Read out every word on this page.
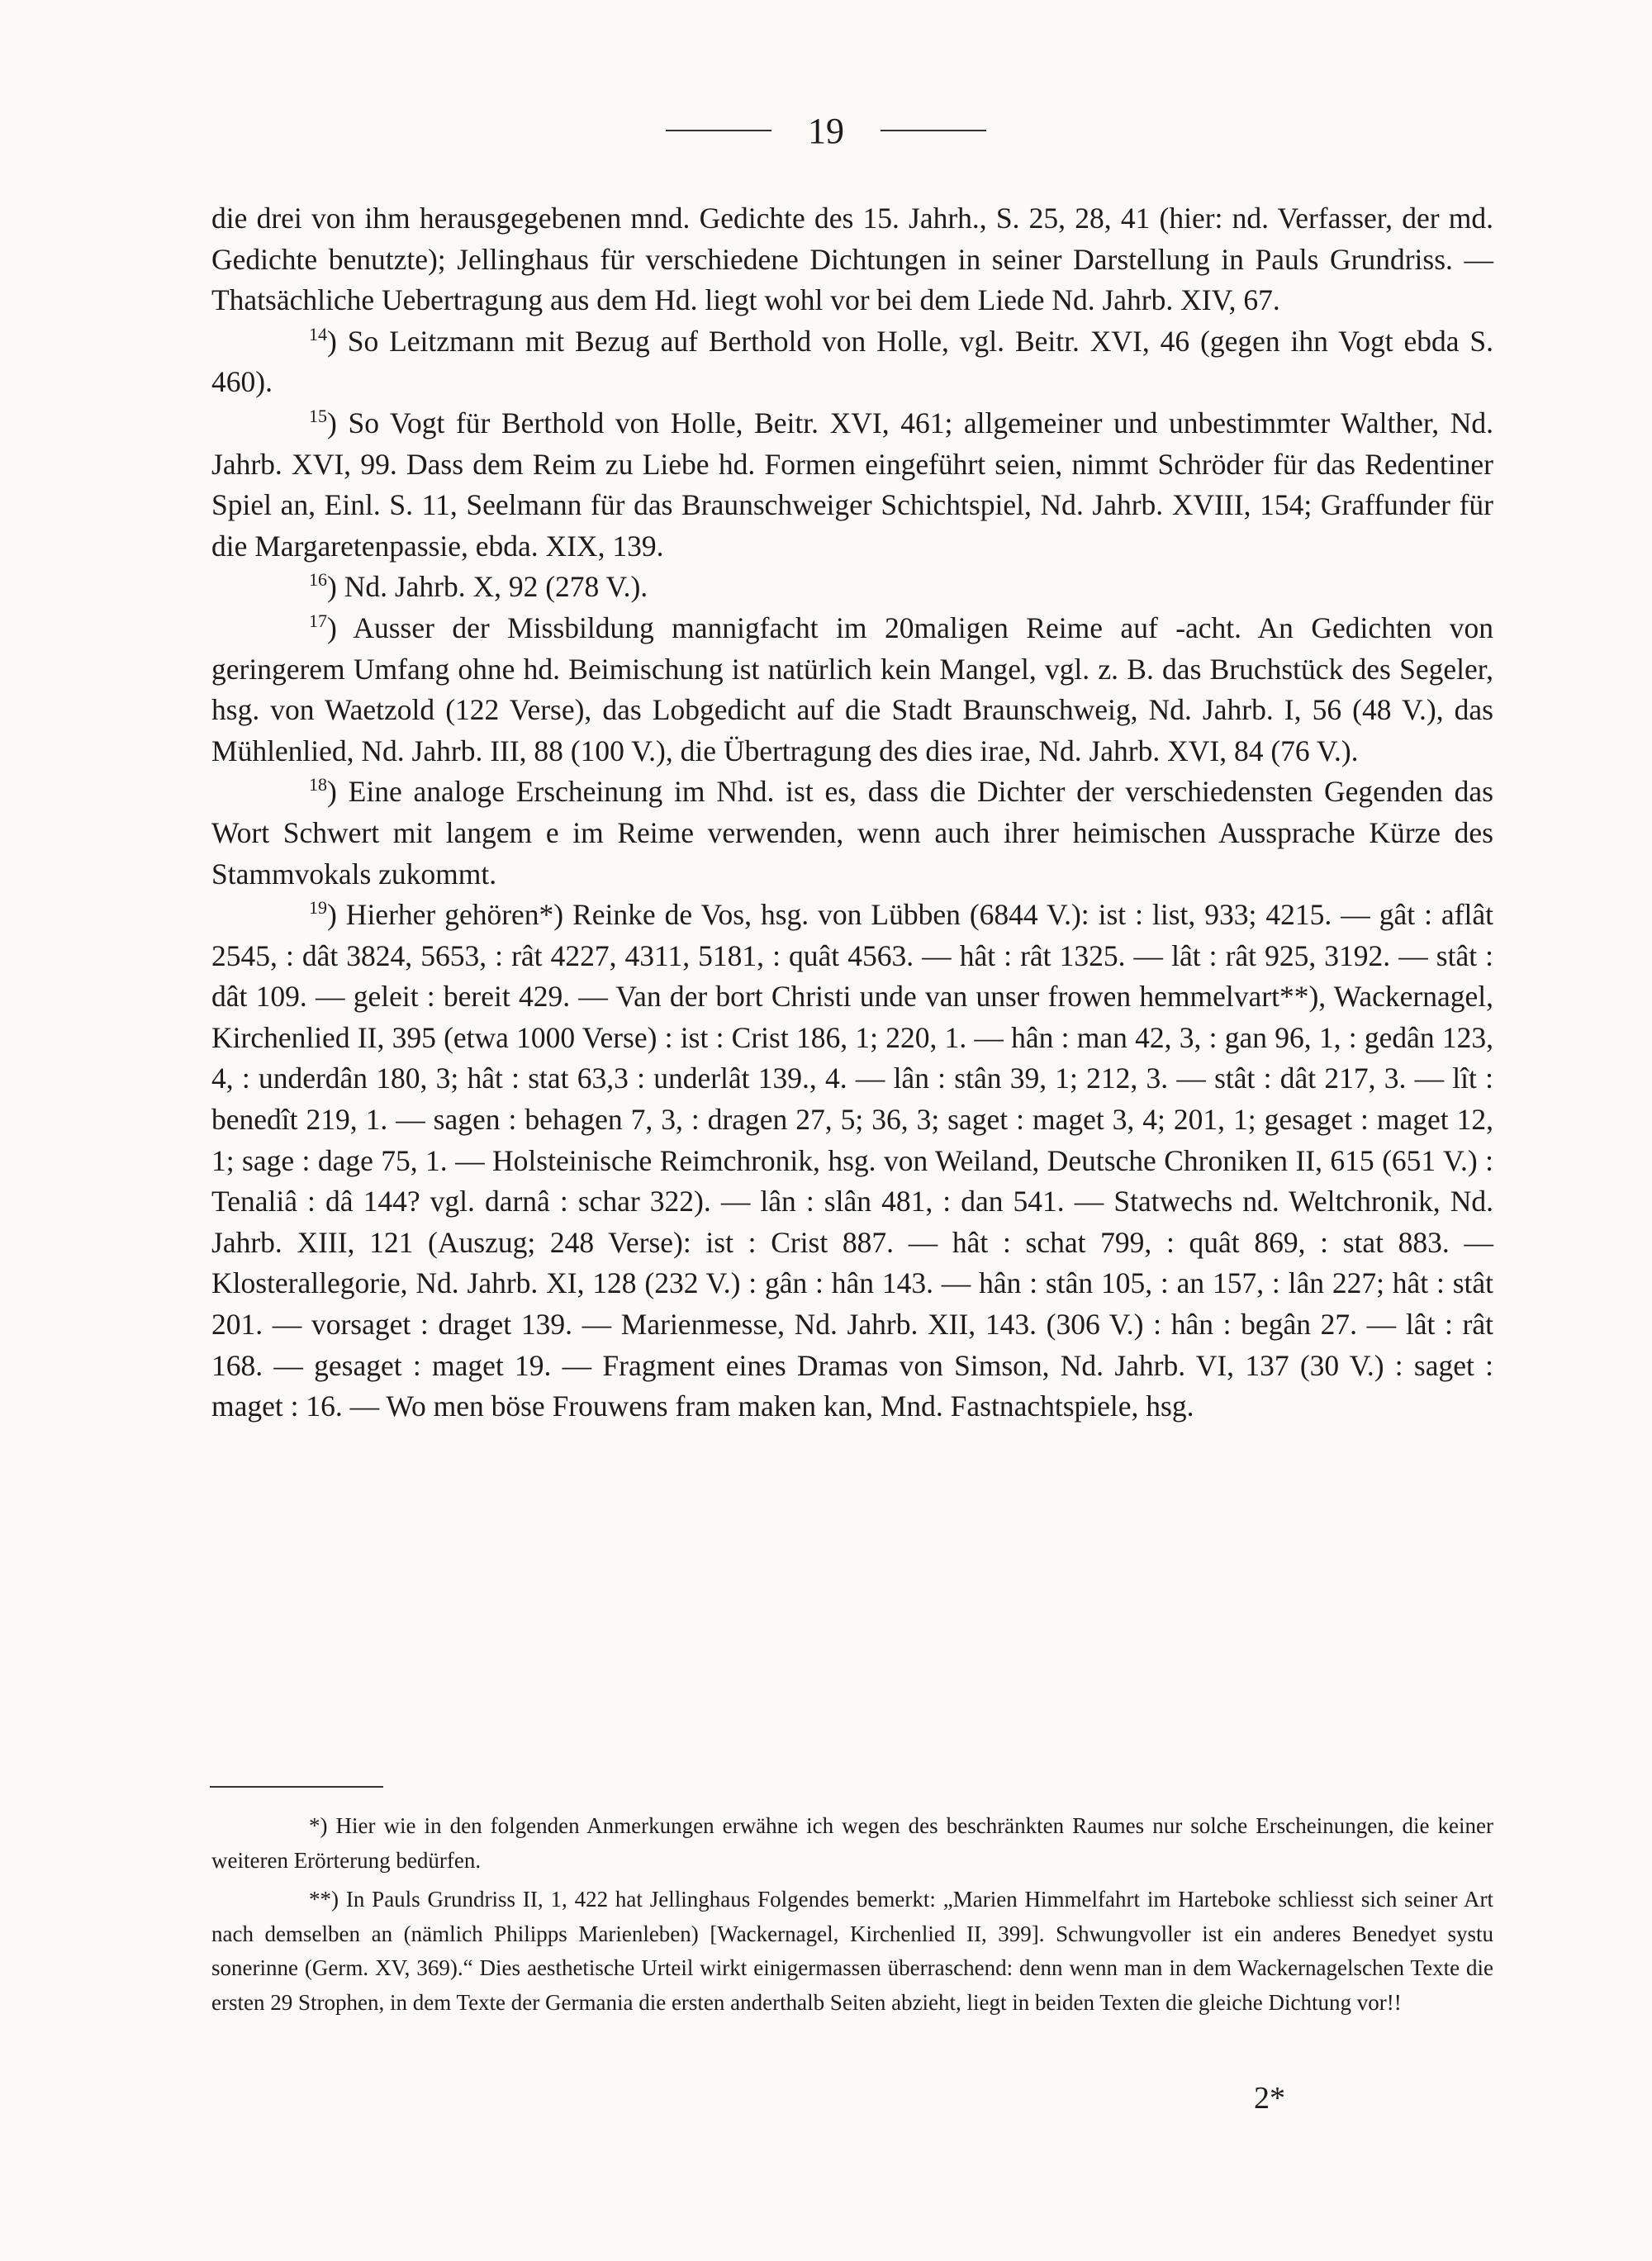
19

die drei von ihm herausgegebenen mnd. Gedichte des 15. Jahrh., S. 25, 28, 41 (hier: nd. Verfasser, der md. Gedichte benutzte); Jellinghaus für verschiedene Dichtungen in seiner Darstellung in Pauls Grundriss. — Thatsächliche Uebertragung aus dem Hd. liegt wohl vor bei dem Liede Nd. Jahrb. XIV, 67.

$^{14}$) So Leitzmann mit Bezug auf Berthold von Holle, vgl. Beitr. XVI, 46 (gegen ihn Vogt ebda S. 460).

$^{15}$) So Vogt für Berthold von Holle, Beitr. XVI, 461; allgemeiner und unbestimmter Walther, Nd. Jahrb. XVI, 99. Dass dem Reim zu Liebe hd. Formen eingeführt seien, nimmt Schröder für das Redentiner Spiel an, Einl. S. 11, Seelmann für das Braunschweiger Schichtspiel, Nd. Jahrb. XVIII, 154; Graffunder für die Margaretenpassie, ebda. XIX, 139.

$^{16}$) Nd. Jahrb. X, 92 (278 V.).

$^{17}$) Ausser der Missbildung mannigfacht im 20maligen Reime auf -acht. An Gedichten von geringerem Umfang ohne hd. Beimischung ist natürlich kein Mangel, vgl. z. B. das Bruchstück des Segeler, hsg. von Waetzold (122 Verse), das Lobgedicht auf die Stadt Braunschweig, Nd. Jahrb. I, 56 (48 V.), das Mühlenlied, Nd. Jahrb. III, 88 (100 V.), die Übertragung des dies irae, Nd. Jahrb. XVI, 84 (76 V.).

$^{18}$) Eine analoge Erscheinung im Nhd. ist es, dass die Dichter der verschiedensten Gegenden das Wort Schwert mit langem e im Reime verwenden, wenn auch ihrer heimischen Aussprache Kürze des Stammvokals zukommt.

$^{19}$) Hierher gehören*) Reinke de Vos, hsg. von Lübben (6844 V.): ist : list, 933; 4215. — gât : aflât 2545, : dât 3824, 5653, : rât 4227, 4311, 5181, : quât 4563. — hât : rât 1325. — lât : rât 925, 3192. — stât : dât 109. — geleit : bereit 429. — Van der bort Christi unde van unser frowen hemmelvart**), Wackernagel, Kirchenlied II, 395 (etwa 1000 Verse) : ist : Crist 186, 1; 220, 1. — hân : man 42, 3, : gan 96, 1, : gedân 123, 4, : underdân 180, 3; hât : stat 63,3 : underlât 139., 4. — lân : stân 39, 1; 212, 3. — stât : dât 217, 3. — lît : benedît 219, 1. — sagen : behagen 7, 3, : dragen 27, 5; 36, 3; saget : maget 3, 4; 201, 1; gesaget : maget 12, 1; sage : dage 75, 1. — Holsteinische Reimchronik, hsg. von Weiland, Deutsche Chroniken II, 615 (651 V.) : Tenaliâ : dâ 144? vgl. darnâ : schar 322). — lân : slân 481, : dan 541. — Statwechs nd. Weltchronik, Nd. Jahrb. XIII, 121 (Auszug; 248 Verse): ist : Crist 887. — hât : schat 799, : quât 869, : stat 883. — Klosterallegorie, Nd. Jahrb. XI, 128 (232 V.) : gân : hân 143. — hân : stân 105, : an 157, : lân 227; hât : stât 201. — vorsaget : draget 139. — Marienmesse, Nd. Jahrb. XII, 143. (306 V.) : hân : begân 27. — lât : rât 168. — gesaget : maget 19. — Fragment eines Dramas von Simson, Nd. Jahrb. VI, 137 (30 V.) : saget : maget : 16. — Wo men böse Frouwens fram maken kan, Mnd. Fastnachtspiele, hsg.

*) Hier wie in den folgenden Anmerkungen erwähne ich wegen des beschränkten Raumes nur solche Erscheinungen, die keiner weiteren Erörterung bedürfen.

**) In Pauls Grundriss II, 1, 422 hat Jellinghaus Folgendes bemerkt: „Marien Himmelfahrt im Harteboke schliesst sich seiner Art nach demselben an (nämlich Philipps Marienleben) [Wackernagel, Kirchenlied II, 399]. Schwungvoller ist ein anderes Benedyet systu sonerinne (Germ. XV, 369).“ Dies aesthetische Urteil wirkt einigermassen überraschend: denn wenn man in dem Wackernagelschen Texte die ersten 29 Strophen, in dem Texte der Germania die ersten anderthalb Seiten abzieht, liegt in beiden Texten die gleiche Dichtung vor!!

2*
